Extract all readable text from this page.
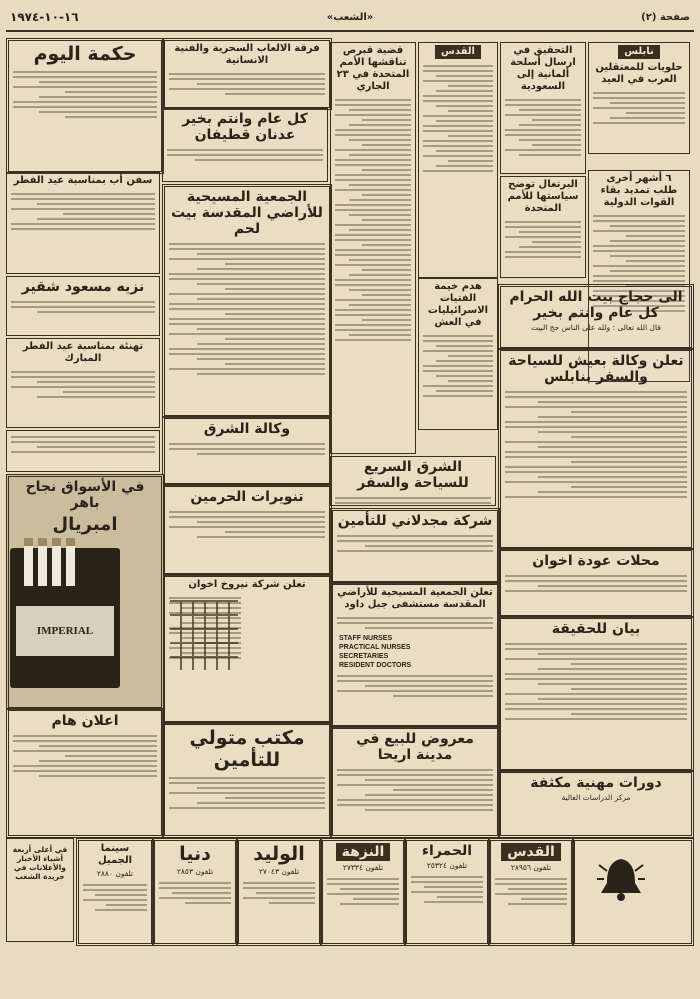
صفحة (٢)
«الشعب»
١٦-١٠-١٩٧٤
نابلس
حلويات للمعتقلين العرب في العيد
٦ أشهر أخرى طلب تمديد بقاء القوات الدولية
التحقيق في ارسال أسلحة ألمانية إلى السعودية
البرتغال توضح سياستها للأمم المتحدة
القدس
هدم خيمة الفتيات الاسرائيليات في العش
قضية قبرص تناقشها الأمم المتحدة في ٢٣ الجاري
الى حجاج بيت الله الحرام كل عام وانتم بخير
قال الله تعالى : ولله على الناس حج البيت
تعلن وكالة بعيش للسياحة والسفر بنابلس
محلات عودة اخوان
بيان للحقيقة
دورات مهنية مكثفة
مركز الدراسات العالية
الشرق السريع للسياحة والسفر
شركة مجدلاني للتأمين
تعلن الجمعية المسيحية للأراضي المقدسة مستشفى جبل داود
STAFF NURSES
PRACTICAL NURSES
SECRETARIES
RESIDENT DOCTORS
معروض للبيع في مدينة اريحا
فرقة الالعاب السحرية والفنية الانسانية
كل عام وانتم بخير عدنان قطيفان
الجمعية المسيحية للأراضي المقدسة بيت لحم
وكالة الشرق
تنويرات الحرمين
تعلن شركة نيروخ اخوان
مكتب متولي للتأمين
حكمة اليوم
سفن أب بمناسبة عيد الفطر
نزيه مسعود شقير
تهنئة بمناسبة عيد الفطر المبارك
في الأسواق نجاح باهر
امبريال
IMPERIAL
اعلان هام
القدس
تلفون ٢٨٩٥٦
الحمراء
تلفون ٢٥٣٢٤
النزهة
تلفون ٢٧٣٣٤
الوليد
تلفون ٢٧٠٤٣
دنيا
تلفون ٢٨٥٣
سينما الجميل
تلفون ٢٨٨٠
في أعلى أربعة أشياء الأخبار والأعلانات في جريدة الشعب
